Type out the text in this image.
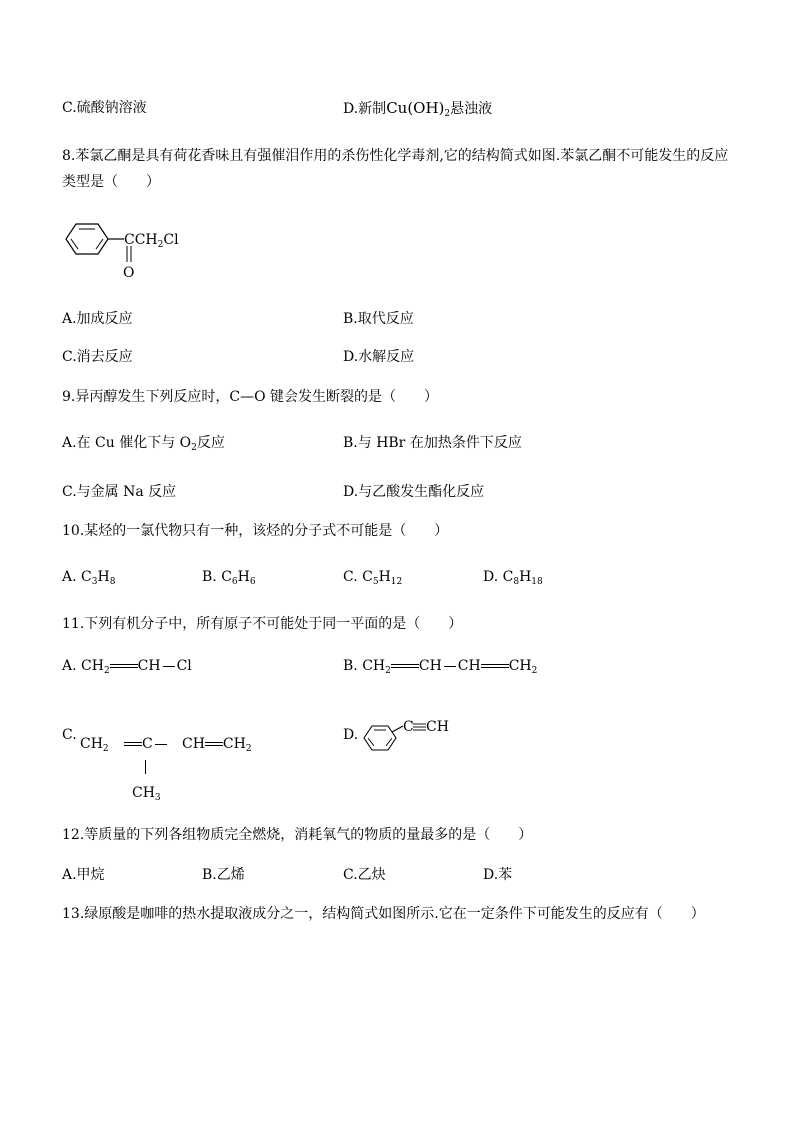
C.硫酸钠溶液	D.新制$Cu(OH)_2$悬浊液
8.苯氯乙酮是具有荷花香味且有强催泪作用的杀伤性化学毒剂,它的结构简式如图.苯氯乙酮不可能发生的反应
类型是（　　）
$CCH_2Cl$
O
A.加成反应	B.取代反应
C.消去反应	D.水解反应
9.异丙醇发生下列反应时，C—O 键会发生断裂的是（　　）
A.在 Cu 催化下与 $O_2$反应	B.与 HBr 在加热条件下反应
C.与金属 Na 反应	D.与乙酸发生酯化反应
10.某烃的一氯代物只有一种，该烃的分子式不可能是（　　）
A. $C_3H_8$	B. $C_6H_6$	C. $C_5H_{12}$	D. $C_8H_{18}$
11.下列有机分子中，所有原子不可能处于同一平面的是（　　）
A. $CH_2$ CH Cl	B. $CH_2$ CH CH $CH_2$
C.
$CH_2$	C	CH $CH_2$
$CH_3$
D.	C CH
12.等质量的下列各组物质完全燃烧，消耗氧气的物质的量最多的是（　　）
A.甲烷	B.乙烯	C.乙炔	D.苯
13.绿原酸是咖啡的热水提取液成分之一，结构简式如图所示.它在一定条件下可能发生的反应有（　　）
